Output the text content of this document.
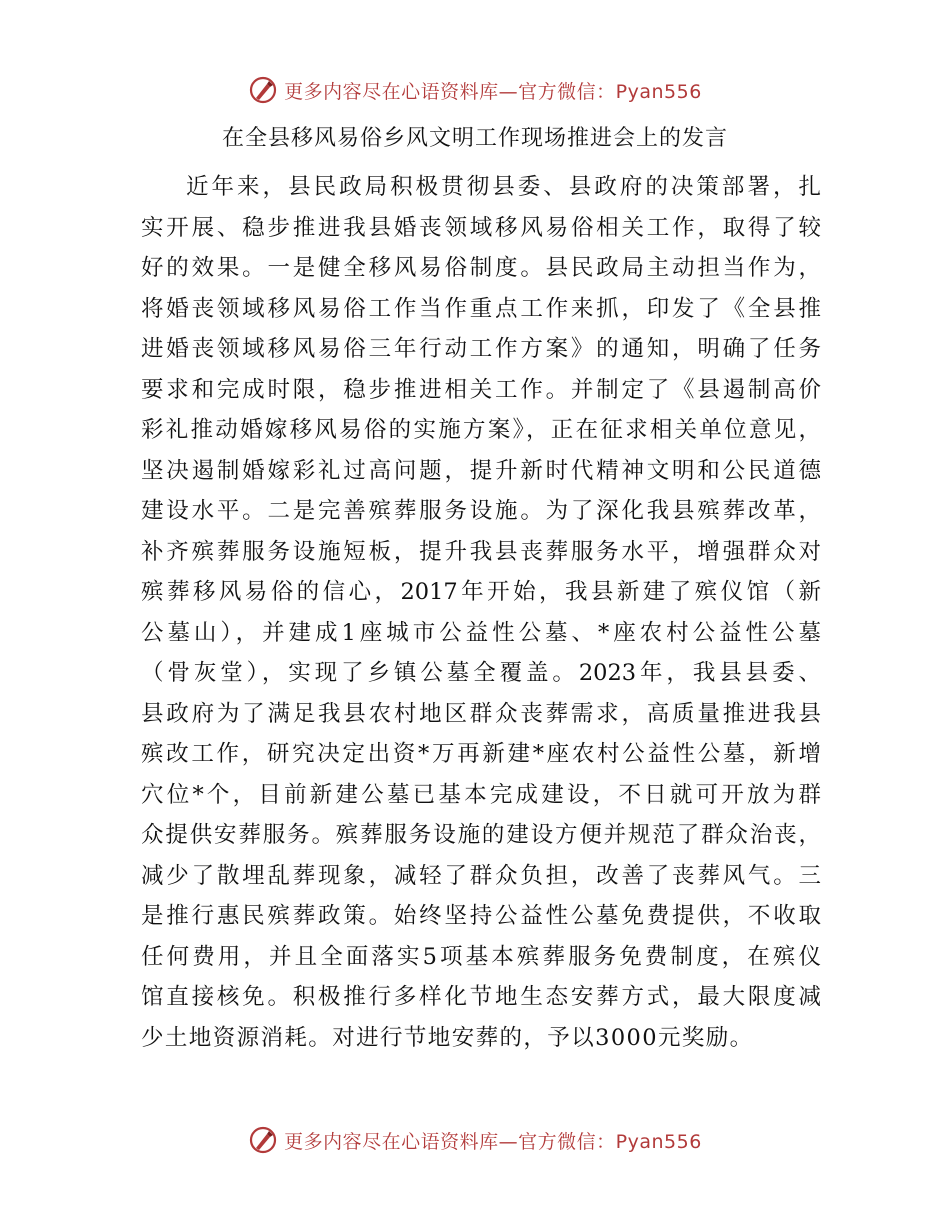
更多内容尽在心语资料库—官方微信：Pyan556
在全县移风易俗乡风文明工作现场推进会上的发言
近年来，县民政局积极贯彻县委、县政府的决策部署，扎
实开展、稳步推进我县婚丧领域移风易俗相关工作，取得了较
好的效果。一是健全移风易俗制度。县民政局主动担当作为，
将婚丧领域移风易俗工作当作重点工作来抓，印发了《全县推
进婚丧领域移风易俗三年行动工作方案》的通知，明确了任务
要求和完成时限，稳步推进相关工作。并制定了《县遏制高价
彩礼推动婚嫁移风易俗的实施方案》，正在征求相关单位意见，
坚决遏制婚嫁彩礼过高问题，提升新时代精神文明和公民道德
建设水平。二是完善殡葬服务设施。为了深化我县殡葬改革，
补齐殡葬服务设施短板，提升我县丧葬服务水平，增强群众对
殡葬移风易俗的信心，2017年开始，我县新建了殡仪馆（新
公墓山），并建成1座城市公益性公墓、*座农村公益性公墓
（骨灰堂），实现了乡镇公墓全覆盖。2023年，我县县委、
县政府为了满足我县农村地区群众丧葬需求，高质量推进我县
殡改工作，研究决定出资*万再新建*座农村公益性公墓，新增
穴位*个，目前新建公墓已基本完成建设，不日就可开放为群
众提供安葬服务。殡葬服务设施的建设方便并规范了群众治丧，
减少了散埋乱葬现象，减轻了群众负担，改善了丧葬风气。三
是推行惠民殡葬政策。始终坚持公益性公墓免费提供，不收取
任何费用，并且全面落实5项基本殡葬服务免费制度，在殡仪
馆直接核免。积极推行多样化节地生态安葬方式，最大限度减
少土地资源消耗。对进行节地安葬的，予以3000元奖励。
更多内容尽在心语资料库—官方微信：Pyan556
